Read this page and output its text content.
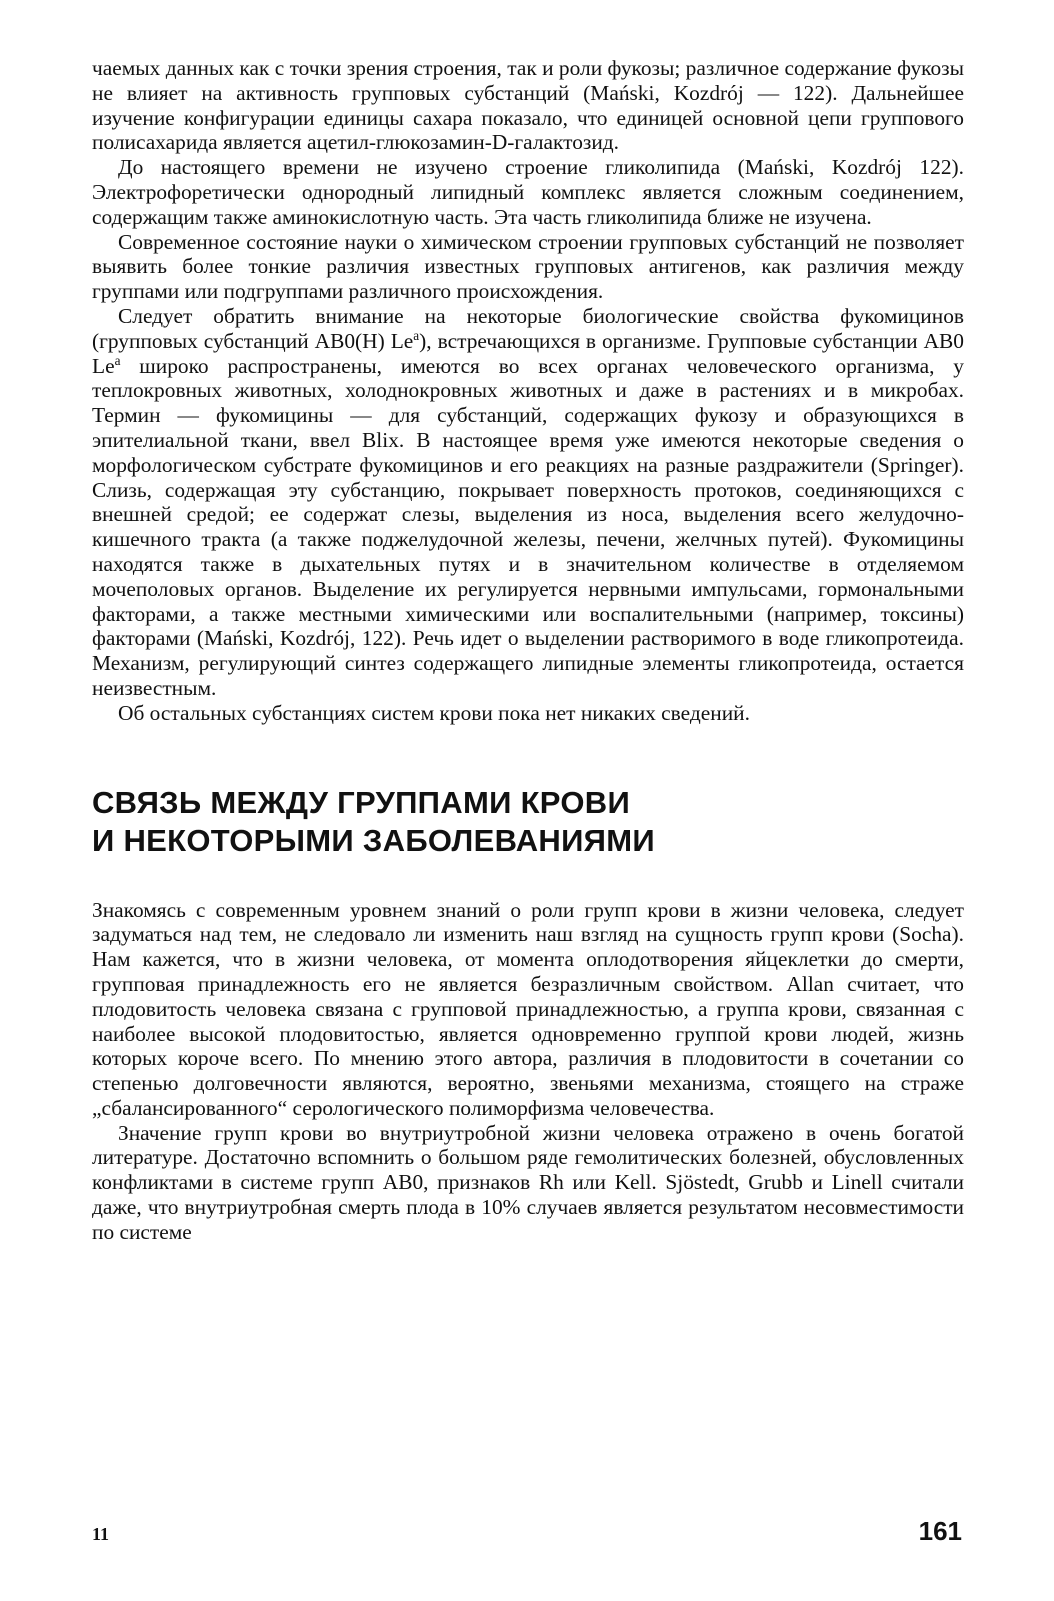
чаемых данных как с точки зрения строения, так и роли фукозы; различное содержание фукозы не влияет на активность групповых субстанций (Mański, Kozdrój — 122). Дальнейшее изучение конфигурации единицы сахара показало, что единицей основной цепи группового полисахарида является ацетил-глюкозамин-D-галактозид.

До настоящего времени не изучено строение гликолипида (Mański, Kozdrój 122). Электрофоретически однородный липидный комплекс является сложным соединением, содержащим также аминокислотную часть. Эта часть гликолипида ближе не изучена.

Современное состояние науки о химическом строении групповых субстанций не позволяет выявить более тонкие различия известных групповых антигенов, как различия между группами или подгруппами различного происхождения.

Следует обратить внимание на некоторые биологические свойства фукомицинов (групповых субстанций AB0(H) Le$^a$), встречающихся в организме. Групповые субстанции AB0 Le$^a$ широко распространены, имеются во всех органах человеческого организма, у теплокровных животных, холоднокровных животных и даже в растениях и в микробах. Термин — фукомицины — для субстанций, содержащих фукозу и образующихся в эпителиальной ткани, ввел Blix. В настоящее время уже имеются некоторые сведения о морфологическом субстрате фукомицинов и его реакциях на разные раздражители (Springer). Слизь, содержащая эту субстанцию, покрывает поверхность протоков, соединяющихся с внешней средой; ее содержат слезы, выделения из носа, выделения всего желудочно-кишечного тракта (а также поджелудочной железы, печени, желчных путей). Фукомицины находятся также в дыхательных путях и в значительном количестве в отделяемом мочеполовых органов. Выделение их регулируется нервными импульсами, гормональными факторами, а также местными химическими или воспалительными (например, токсины) факторами (Mański, Kozdrój, 122). Речь идет о выделении растворимого в воде гликопротеида. Механизм, регулирующий синтез содержащего липидные элементы гликопротеида, остается неизвестным.

Об остальных субстанциях систем крови пока нет никаких сведений.

СВЯЗЬ МЕЖДУ ГРУППАМИ КРОВИ
И НЕКОТОРЫМИ ЗАБОЛЕВАНИЯМИ

Знакомясь с современным уровнем знаний о роли групп крови в жизни человека, следует задуматься над тем, не следовало ли изменить наш взгляд на сущность групп крови (Socha). Нам кажется, что в жизни человека, от момента оплодотворения яйцеклетки до смерти, групповая принадлежность его не является безразличным свойством. Allan считает, что плодовитость человека связана с групповой принадлежностью, а группа крови, связанная с наиболее высокой плодовитостью, является одновременно группой крови людей, жизнь которых короче всего. По мнению этого автора, различия в плодовитости в сочетании со степенью долговечности являются, вероятно, звеньями механизма, стоящего на страже „сбалансированного“ серологического полиморфизма человечества.

Значение групп крови во внутриутробной жизни человека отражено в очень богатой литературе. Достаточно вспомнить о большом ряде гемолитических болезней, обусловленных конфликтами в системе групп AB0, признаков Rh или Kell. Sjöstedt, Grubb и Linell считали даже, что внутриутробная смерть плода в 10% случаев является результатом несовместимости по системе

11	161
